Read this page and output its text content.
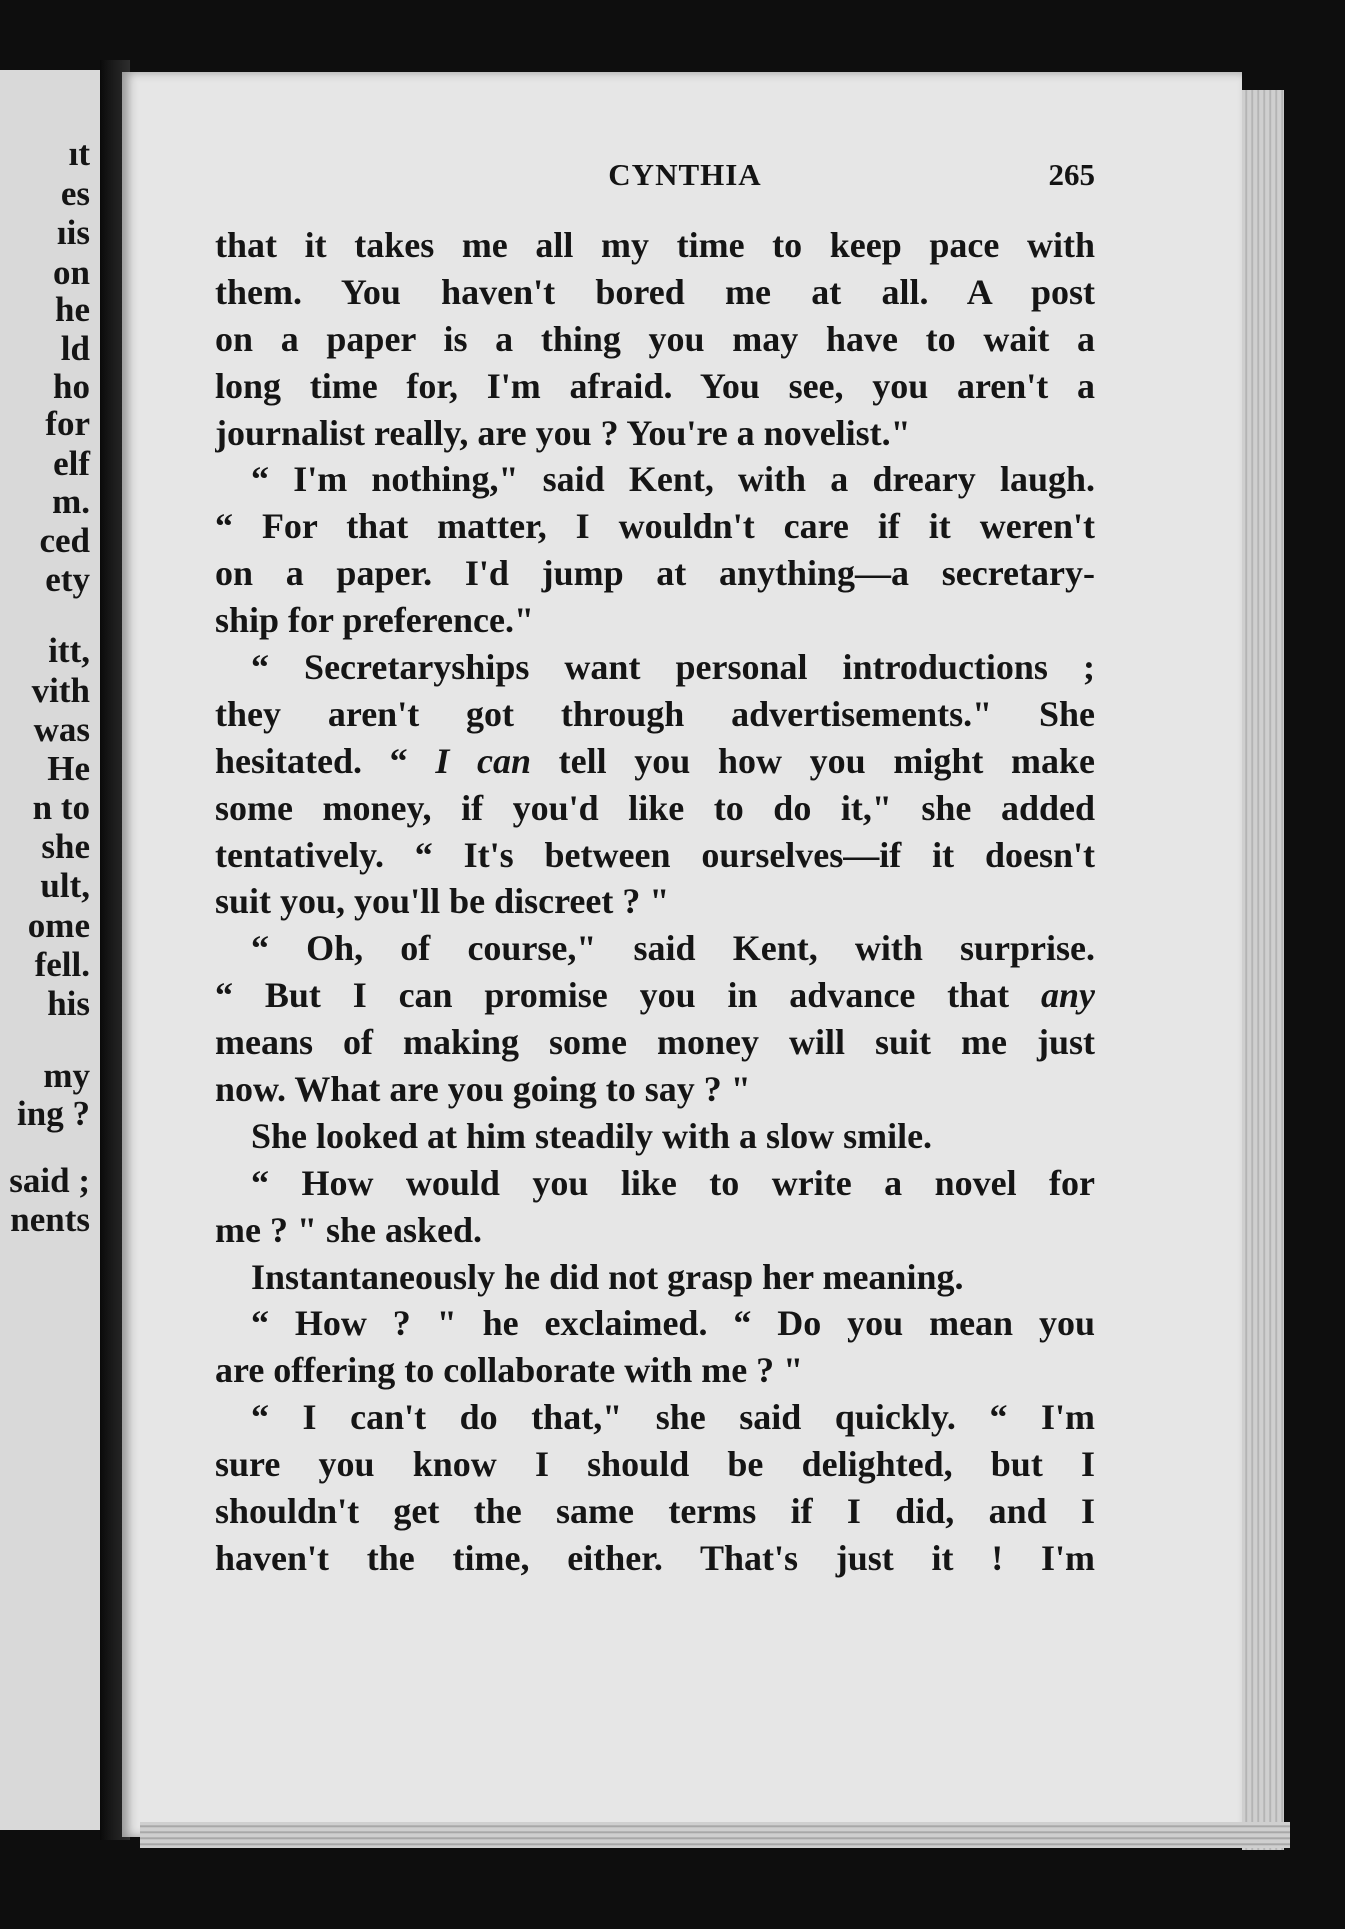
ıt
es
ıis
on
he
ld
ho
for
elf
m.
ced
ety
itt,
vith
was
He
n to
she
ult,
ome
fell.
his
my
ing ?
said ;
nents
CYNTHIA	265
that it takes me all my time to keep pace with
them. You haven't bored me at all. A post
on a paper is a thing you may have to wait a
long time for, I'm afraid. You see, you aren't a
journalist really, are you ? You're a novelist."
“ I'm nothing," said Kent, with a dreary laugh.
“ For that matter, I wouldn't care if it weren't
on a paper. I'd jump at anything—a secretary-
ship for preference."
“ Secretaryships want personal introductions ;
they aren't got through advertisements." She
hesitated. “ I can tell you how you might make
some money, if you'd like to do it," she added
tentatively. “ It's between ourselves—if it doesn't
suit you, you'll be discreet ? "
“ Oh, of course," said Kent, with surprise.
“ But I can promise you in advance that any
means of making some money will suit me just
now. What are you going to say ? "
She looked at him steadily with a slow smile.
“ How would you like to write a novel for
me ? " she asked.
Instantaneously he did not grasp her meaning.
“ How ? " he exclaimed. “ Do you mean you
are offering to collaborate with me ? "
“ I can't do that," she said quickly. “ I'm
sure you know I should be delighted, but I
shouldn't get the same terms if I did, and I
haven't the time, either. That's just it ! I'm
